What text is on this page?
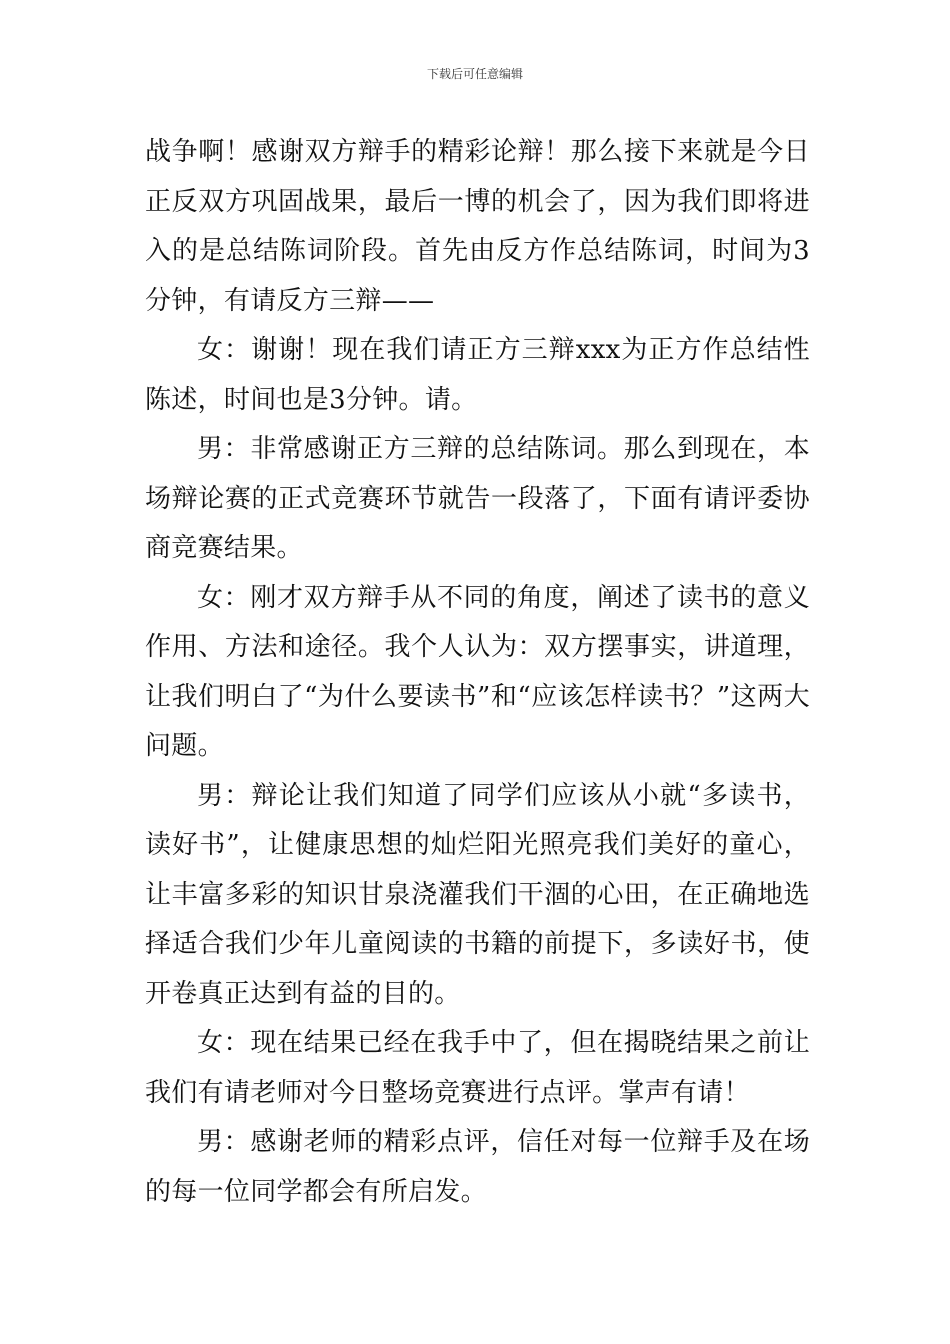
下载后可任意编辑

战争啊！感谢双方辩手的精彩论辩！那么接下来就是今日正反双方巩固战果，最后一博的机会了，因为我们即将进入的是总结陈词阶段。首先由反方作总结陈词，时间为3分钟，有请反方三辩——

女：谢谢！现在我们请正方三辩xxx为正方作总结性陈述，时间也是3分钟。请。

男：非常感谢正方三辩的总结陈词。那么到现在，本场辩论赛的正式竞赛环节就告一段落了，下面有请评委协商竞赛结果。

女：刚才双方辩手从不同的角度，阐述了读书的意义作用、方法和途径。我个人认为：双方摆事实，讲道理，让我们明白了“为什么要读书”和“应该怎样读书？”这两大问题。

男：辩论让我们知道了同学们应该从小就“多读书，读好书”，让健康思想的灿烂阳光照亮我们美好的童心，让丰富多彩的知识甘泉浇灌我们干涸的心田，在正确地选择适合我们少年儿童阅读的书籍的前提下，多读好书，使开卷真正达到有益的目的。

女：现在结果已经在我手中了，但在揭晓结果之前让我们有请老师对今日整场竞赛进行点评。掌声有请！

男：感谢老师的精彩点评，信任对每一位辩手及在场的每一位同学都会有所启发。
